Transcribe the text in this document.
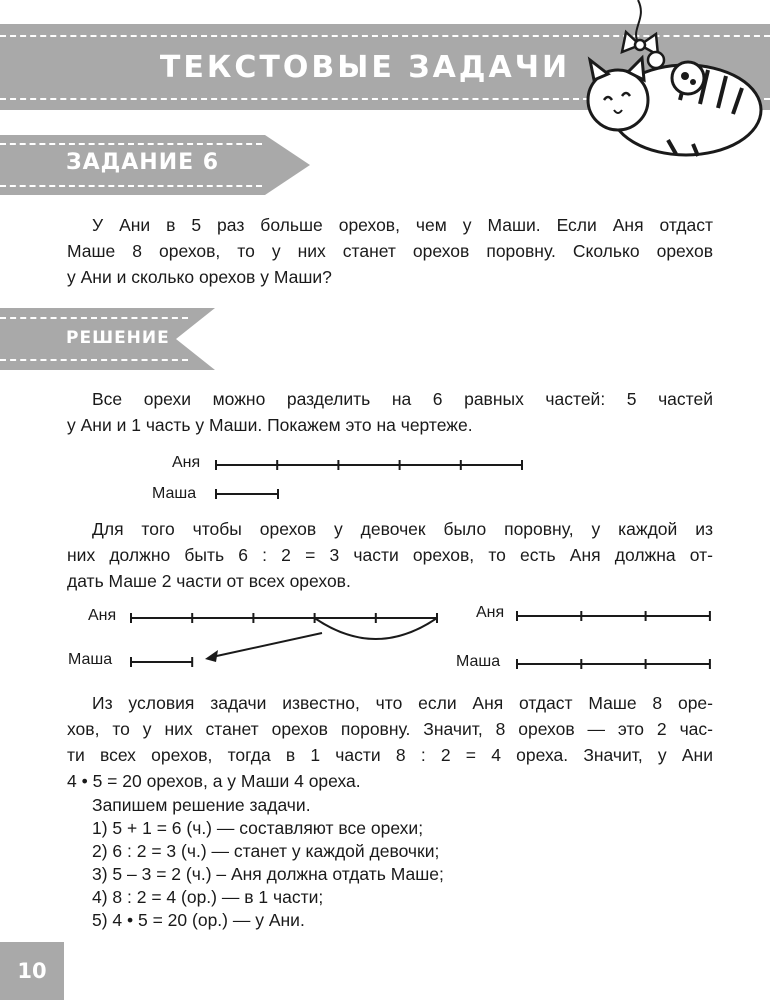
ТЕКСТОВЫЕ ЗАДАЧИ
ЗАДАНИЕ 6
У Ани в 5 раз больше орехов, чем у Маши. Если Аня отдаст
Маше 8 орехов, то у них станет орехов поровну. Сколько орехов
у Ани и сколько орехов у Маши?
РЕШЕНИЕ
Все орехи можно разделить на 6 равных частей: 5 частей
у Ани и 1 часть у Маши. Покажем это на чертеже.
Аня
Маша
Для того чтобы орехов у девочек было поровну, у каждой из
них должно быть 6 : 2 = 3 части орехов, то есть Аня должна от-
дать Маше 2 части от всех орехов.
Аня
Маша
Аня
Маша
Из условия задачи известно, что если Аня отдаст Маше 8 оре-
хов, то у них станет орехов поровну. Значит, 8 орехов — это 2 час-
ти всех орехов, тогда в 1 части 8 : 2 = 4 ореха. Значит, у Ани
4 • 5 = 20 орехов, а у Маши 4 ореха.
Запишем решение задачи.
1) 5 + 1 = 6 (ч.) — составляют все орехи;
2) 6 : 2 = 3 (ч.) — станет у каждой девочки;
3) 5 – 3 = 2 (ч.) – Аня должна отдать Маше;
4) 8 : 2 = 4 (ор.) — в 1 части;
5) 4 • 5 = 20 (ор.) — у Ани.
10
